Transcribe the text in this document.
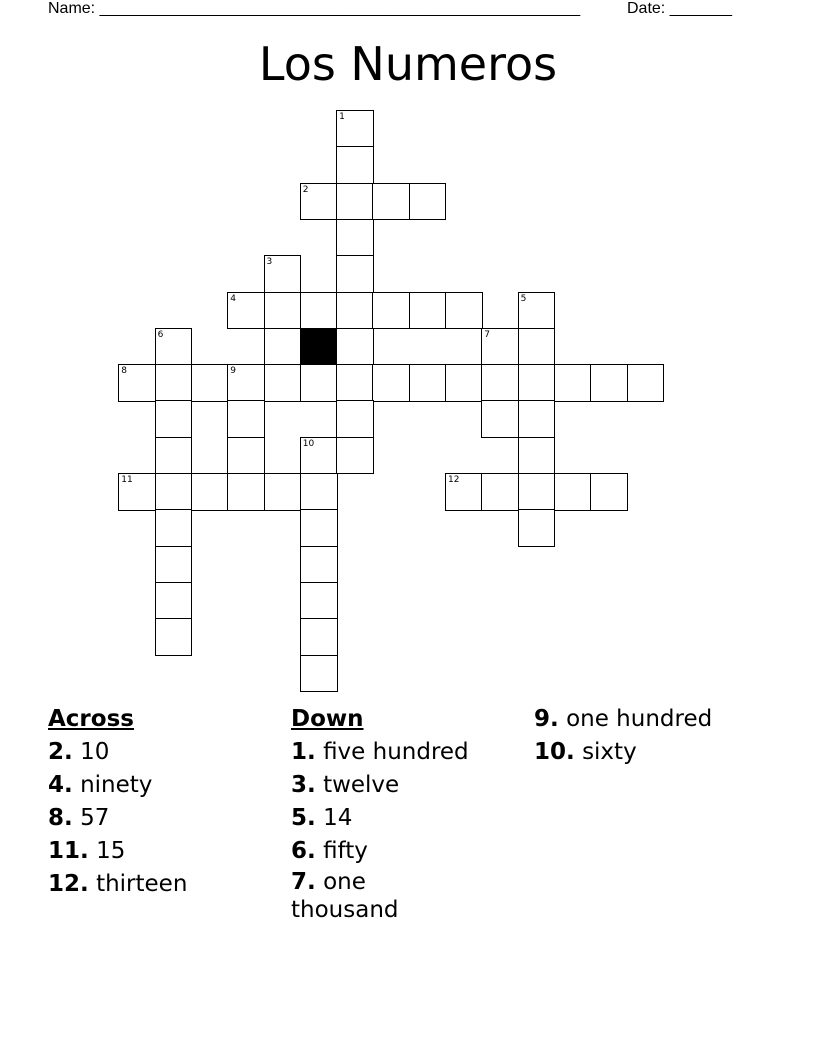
Name: ______________________________________________________	Date: _______
Los Numeros
1
2
3
4	5
6	7
8	9
10
11	12

Across

2. 10

4. ninety

8. 57

11. 15

12. thirteen

Down

1. five hundred

3. twelve

5. 14

6. fifty

7. one thousand

9. one hundred

10. sixty
